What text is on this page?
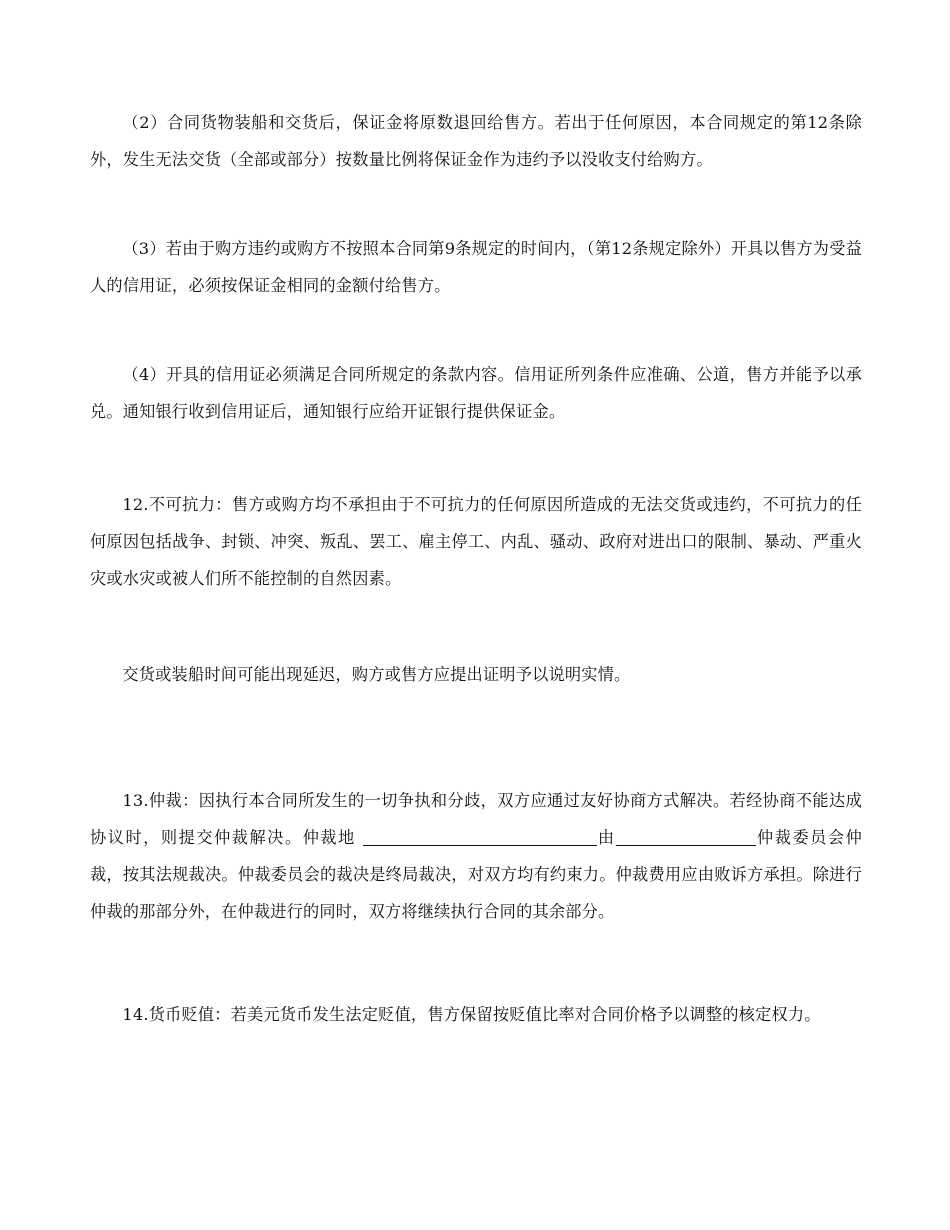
（2）合同货物装船和交货后，保证金将原数退回给售方。若出于任何原因，本合同规定的第12条除外，发生无法交货（全部或部分）按数量比例将保证金作为违约予以没收支付给购方。

（3）若由于购方违约或购方不按照本合同第9条规定的时间内，（第12条规定除外）开具以售方为受益人的信用证，必须按保证金相同的金额付给售方。

（4）开具的信用证必须满足合同所规定的条款内容。信用证所列条件应准确、公道，售方并能予以承兑。通知银行收到信用证后，通知银行应给开证银行提供保证金。

12.不可抗力：售方或购方均不承担由于不可抗力的任何原因所造成的无法交货或违约，不可抗力的任何原因包括战争、封锁、冲突、叛乱、罢工、雇主停工、内乱、骚动、政府对进出口的限制、暴动、严重火灾或水灾或被人们所不能控制的自然因素。

交货或装船时间可能出现延迟，购方或售方应提出证明予以说明实情。

13.仲裁：因执行本合同所发生的一切争执和分歧，双方应通过友好协商方式解决。若经协商不能达成协议时，则提交仲裁解决。仲裁地	由	仲裁委员会仲裁，按其法规裁决。仲裁委员会的裁决是终局裁决，对双方均有约束力。仲裁费用应由败诉方承担。除进行仲裁的那部分外，在仲裁进行的同时，双方将继续执行合同的其余部分。

14.货币贬值：若美元货币发生法定贬值，售方保留按贬值比率对合同价格予以调整的核定权力。
